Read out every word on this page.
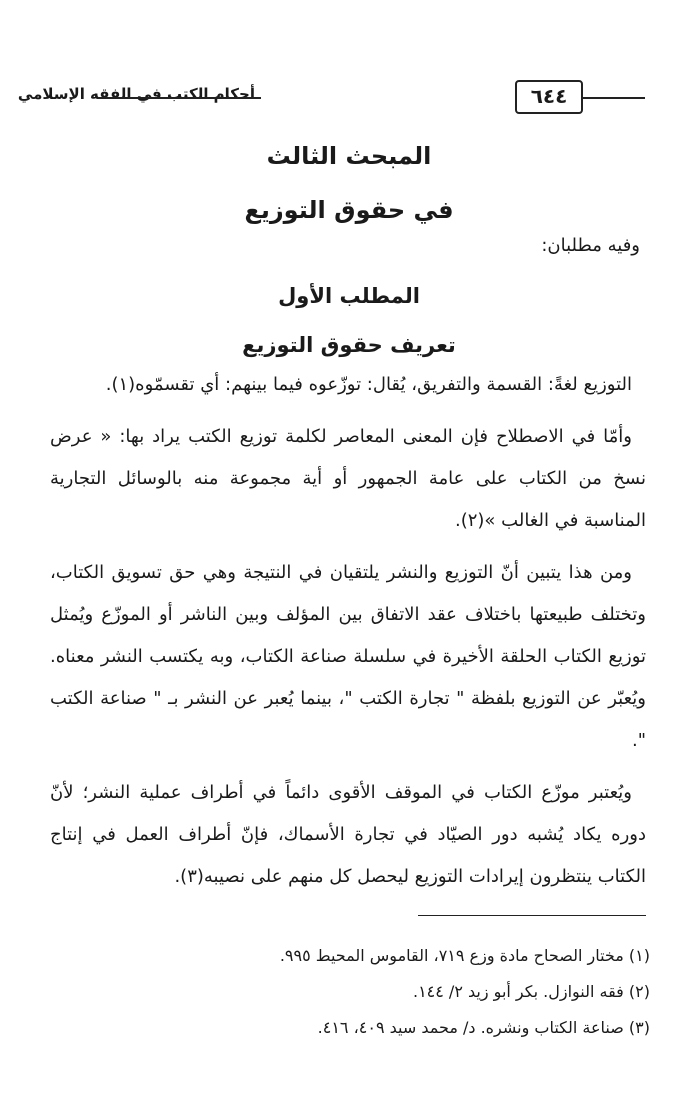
أحكام الكتب في الفقه الإسلامي	٦٤٤
المبحث الثالث
في حقوق التوزيع
وفيه مطلبان:
المطلب الأول
تعريف حقوق التوزيع

التوزيع لغةً: القسمة والتفريق، يُقال: توزّعوه فيما بينهم: أي تقسمّوه(١).

وأمّا في الاصطلاح فإن المعنى المعاصر لكلمة توزيع الكتب يراد بها: « عرض نسخ من الكتاب على عامة الجمهور أو أية مجموعة منه بالوسائل التجارية المناسبة في الغالب »(٢).

ومن هذا يتبين أنّ التوزيع والنشر يلتقيان في النتيجة وهي حق تسويق الكتاب، وتختلف طبيعتها باختلاف عقد الاتفاق بين المؤلف وبين الناشر أو الموزّع ويُمثل توزيع الكتاب الحلقة الأخيرة في سلسلة صناعة الكتاب، وبه يكتسب النشر معناه. ويُعبّر عن التوزيع بلفظة " تجارة الكتب "، بينما يُعبر عن النشر بـ " صناعة الكتب ".

ويُعتبر موزّع الكتاب في الموقف الأقوى دائماً في أطراف عملية النشر؛ لأنّ دوره يكاد يُشبه دور الصيّاد في تجارة الأسماك، فإنّ أطراف العمل في إنتاج الكتاب ينتظرون إيرادات التوزيع ليحصل كل منهم على نصيبه(٣).

(١) مختار الصحاح مادة وزع ٧١٩، القاموس المحيط ٩٩٥.
(٢) فقه النوازل. بكر أبو زيد ٢/ ١٤٤.
(٣) صناعة الكتاب ونشره. د/ محمد سيد ٤٠٩، ٤١٦.
